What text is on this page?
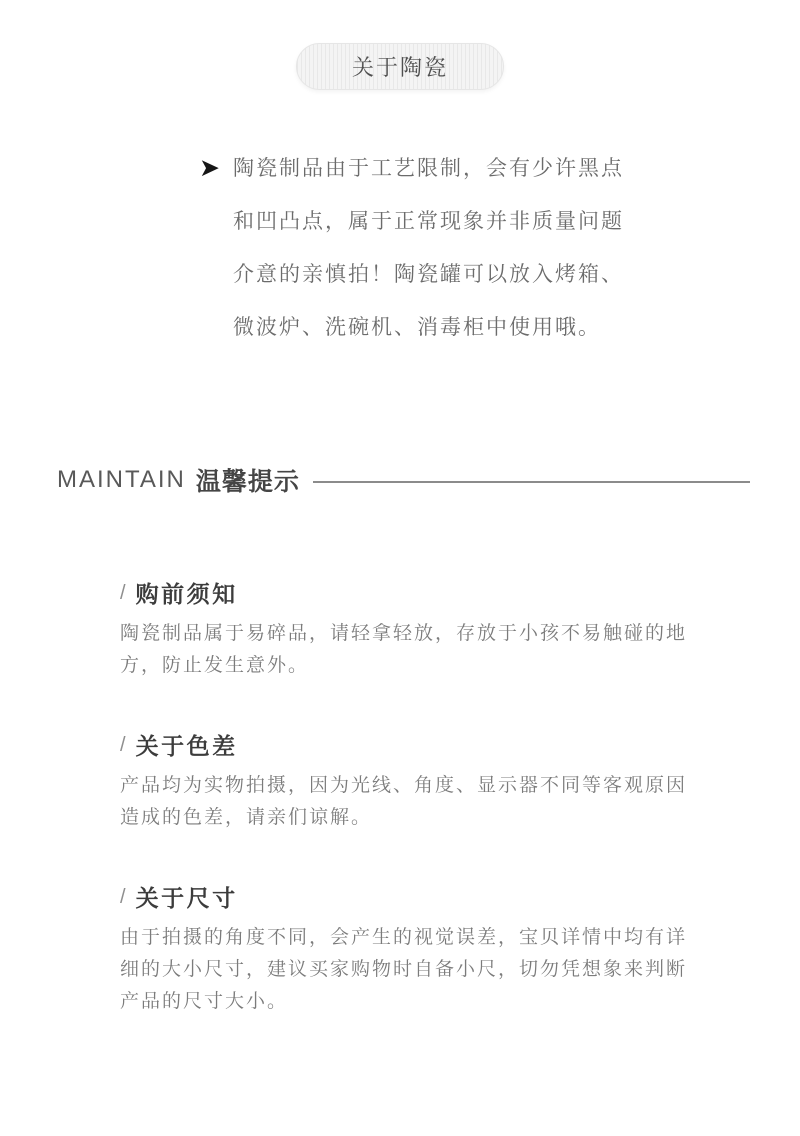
关于陶瓷
➤ 陶瓷制品由于工艺限制，会有少许黑点
和凹凸点，属于正常现象并非质量问题
介意的亲慎拍！陶瓷罐可以放入烤箱、
微波炉、洗碗机、消毒柜中使用哦。
MAINTAIN 温馨提示
/ 购前须知

陶瓷制品属于易碎品，请轻拿轻放，存放于小孩不易触碰的地方，防止发生意外。

/ 关于色差

产品均为实物拍摄，因为光线、角度、显示器不同等客观原因造成的色差，请亲们谅解。

/ 关于尺寸

由于拍摄的角度不同，会产生的视觉误差，宝贝详情中均有详细的大小尺寸，建议买家购物时自备小尺，切勿凭想象来判断产品的尺寸大小。
